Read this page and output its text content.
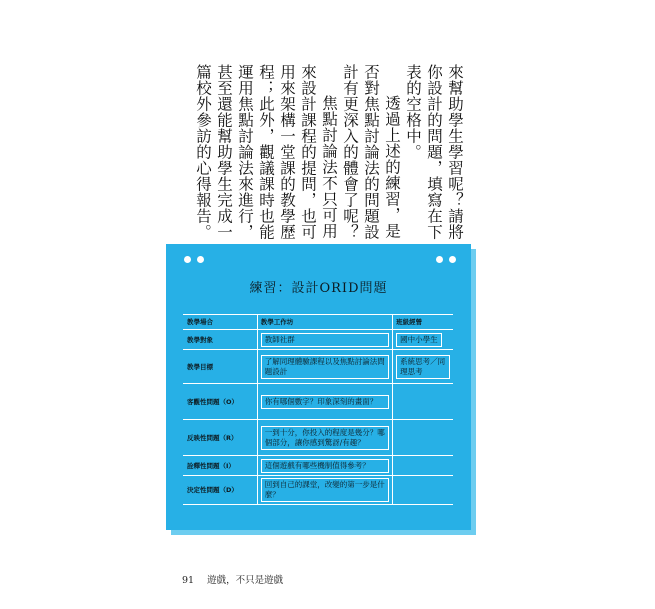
來幫助學生學習呢？請將你設計的問題，填寫在下表的空格中。

透過上述的練習，是否對焦點討論法的問題設計有更深入的體會了呢？

焦點討論法不只可用來設計課程的提問，也可用來架構一堂課的教學歷程；此外，觀議課時也能運用焦點討論法來進行，甚至還能幫助學生完成一篇校外參訪的心得報告。

練習：設計ORID問題
教學場合	教學工作坊	班級經營
教學對象	教師社群	國中小學生
教學目標	了解同理體驗課程以及焦點討論法問題設計	系統思考／同理思考
客觀性問題（O）	你有哪個數字？印象深刻的畫面？	

反映性問題（R）	一到十分，你投入的程度是幾分？哪個部分，讓你感到驚訝/有趣？	

詮釋性問題（I）	這個遊戲有哪些機制值得參考？	

決定性問題（D）	回到自己的課堂，改變的第一步是什麼？	

91 遊戲，不只是遊戲
